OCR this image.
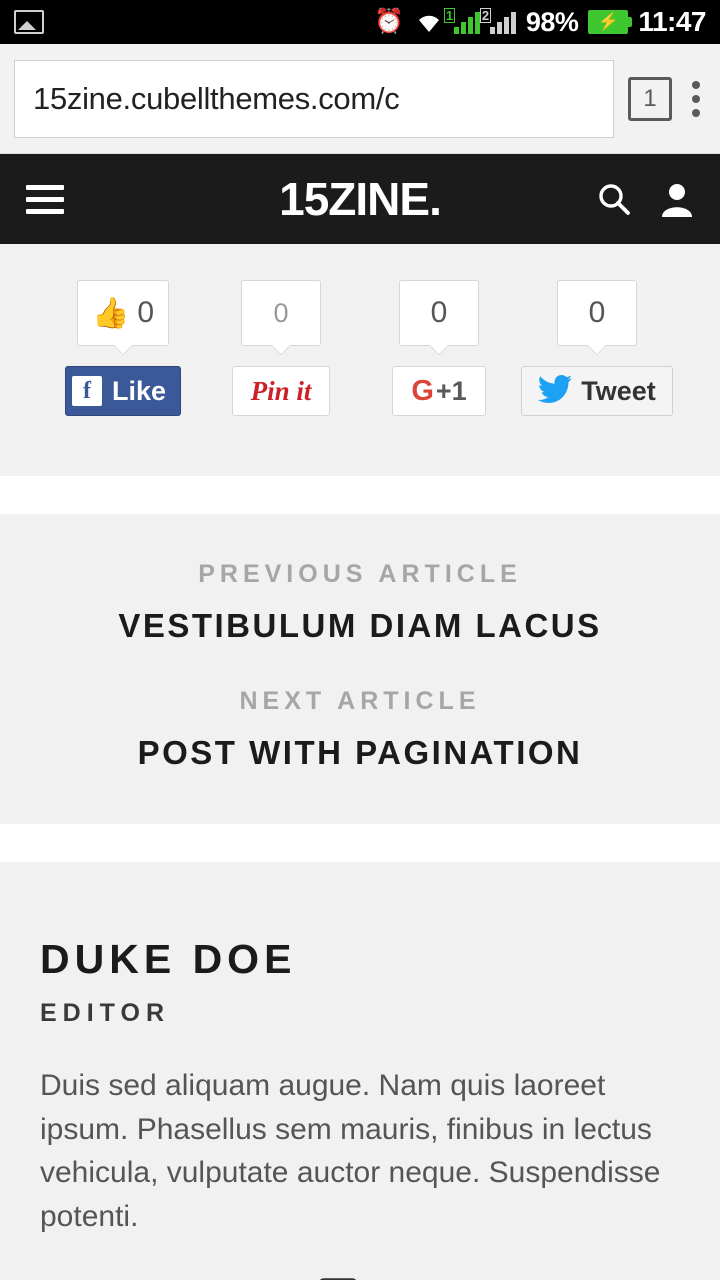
⏰	1 2 98% ⚡ 11:47
15zine.cubellthemes.com/c	1
15ZINE.
👍 0
f Like
0
Pin it
0
G +1
0
Tweet
PREVIOUS ARTICLE
VESTIBULUM DIAM LACUS
NEXT ARTICLE
POST WITH PAGINATION
DUKE DOE
EDITOR
Duis sed aliquam augue. Nam quis laoreet ipsum. Phasellus sem mauris, finibus in lectus vehicula, vulputate auctor neque. Suspendisse potenti.
